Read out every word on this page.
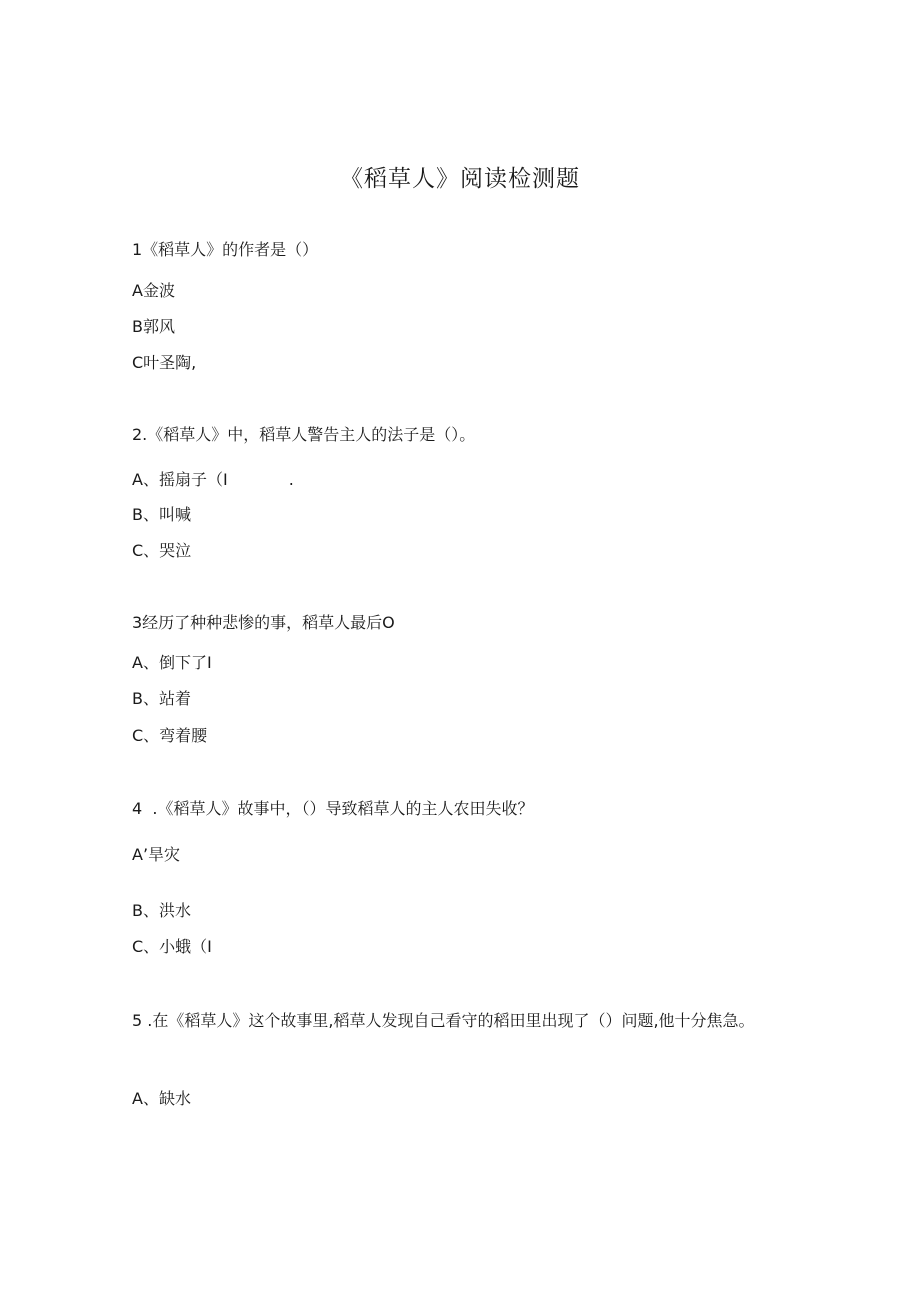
《稻草人》阅读检测题
1《稻草人》的作者是（）
A金波
B郭风
C叶圣陶,
2.《稻草人》中，稻草人警告主人的法子是（）。
A、摇扇子（I            .
B、叫喊
C、哭泣
3经历了种种悲惨的事，稻草人最后O
A、倒下了I
B、站着
C、弯着腰
4  .《稻草人》故事中，（）导致稻草人的主人农田失收？
A’旱灾
B、洪水
C、小蛾（I
5 .在《稻草人》这个故事里,稻草人发现自己看守的稻田里出现了（）问题,他十分焦急。
A、缺水
